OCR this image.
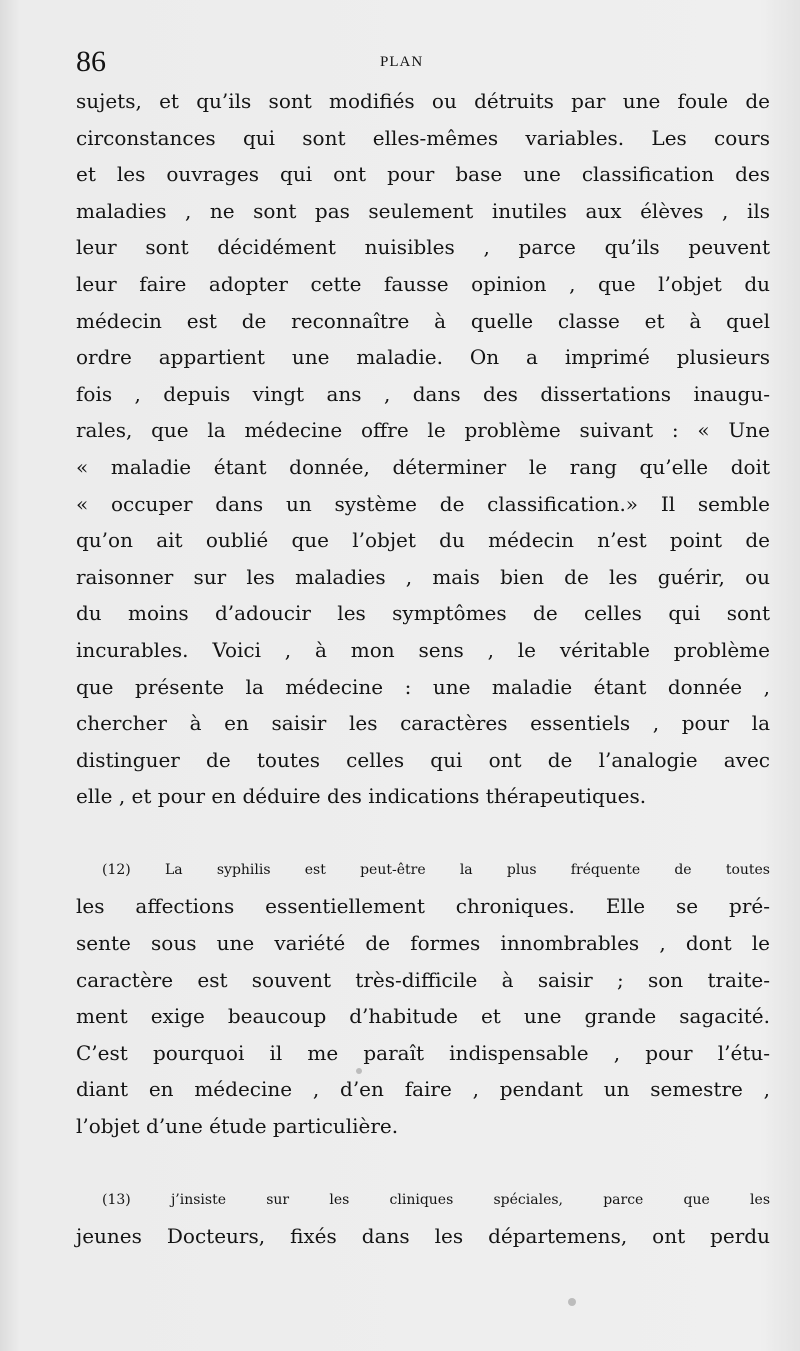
86	PLAN

sujets, et qu’ils sont modifiés ou détruits par une foule de
circonstances qui sont elles-mêmes variables. Les cours
et les ouvrages qui ont pour base une classification des
maladies , ne sont pas seulement inutiles aux élèves , ils
leur sont décidément nuisibles , parce qu’ils peuvent
leur faire adopter cette fausse opinion , que l’objet du
médecin est de reconnaître à quelle classe et à quel
ordre appartient une maladie. On a imprimé plusieurs
fois , depuis vingt ans , dans des dissertations inaugu-
rales, que la médecine offre le problème suivant : « Une
« maladie étant donnée, déterminer le rang qu’elle doit
« occuper dans un système de classification.» Il semble
qu’on ait oublié que l’objet du médecin n’est point de
raisonner sur les maladies , mais bien de les guérir, ou
du moins d’adoucir les symptômes de celles qui sont
incurables. Voici , à mon sens , le véritable problème
que présente la médecine : une maladie étant donnée ,
chercher à en saisir les caractères essentiels , pour la
distinguer de toutes celles qui ont de l’analogie avec
elle , et pour en déduire des indications thérapeutiques.

(12) La syphilis est peut-être la plus fréquente de toutes
les affections essentiellement chroniques. Elle se pré-
sente sous une variété de formes innombrables , dont le
caractère est souvent très-difficile à saisir ; son traite-
ment exige beaucoup d’habitude et une grande sagacité.
C’est pourquoi il me paraît indispensable , pour l’étu-
diant en médecine , d’en faire , pendant un semestre ,
l’objet d’une étude particulière.

(13) j’insiste sur les cliniques spéciales, parce que les
jeunes Docteurs, fixés dans les départemens, ont perdu
